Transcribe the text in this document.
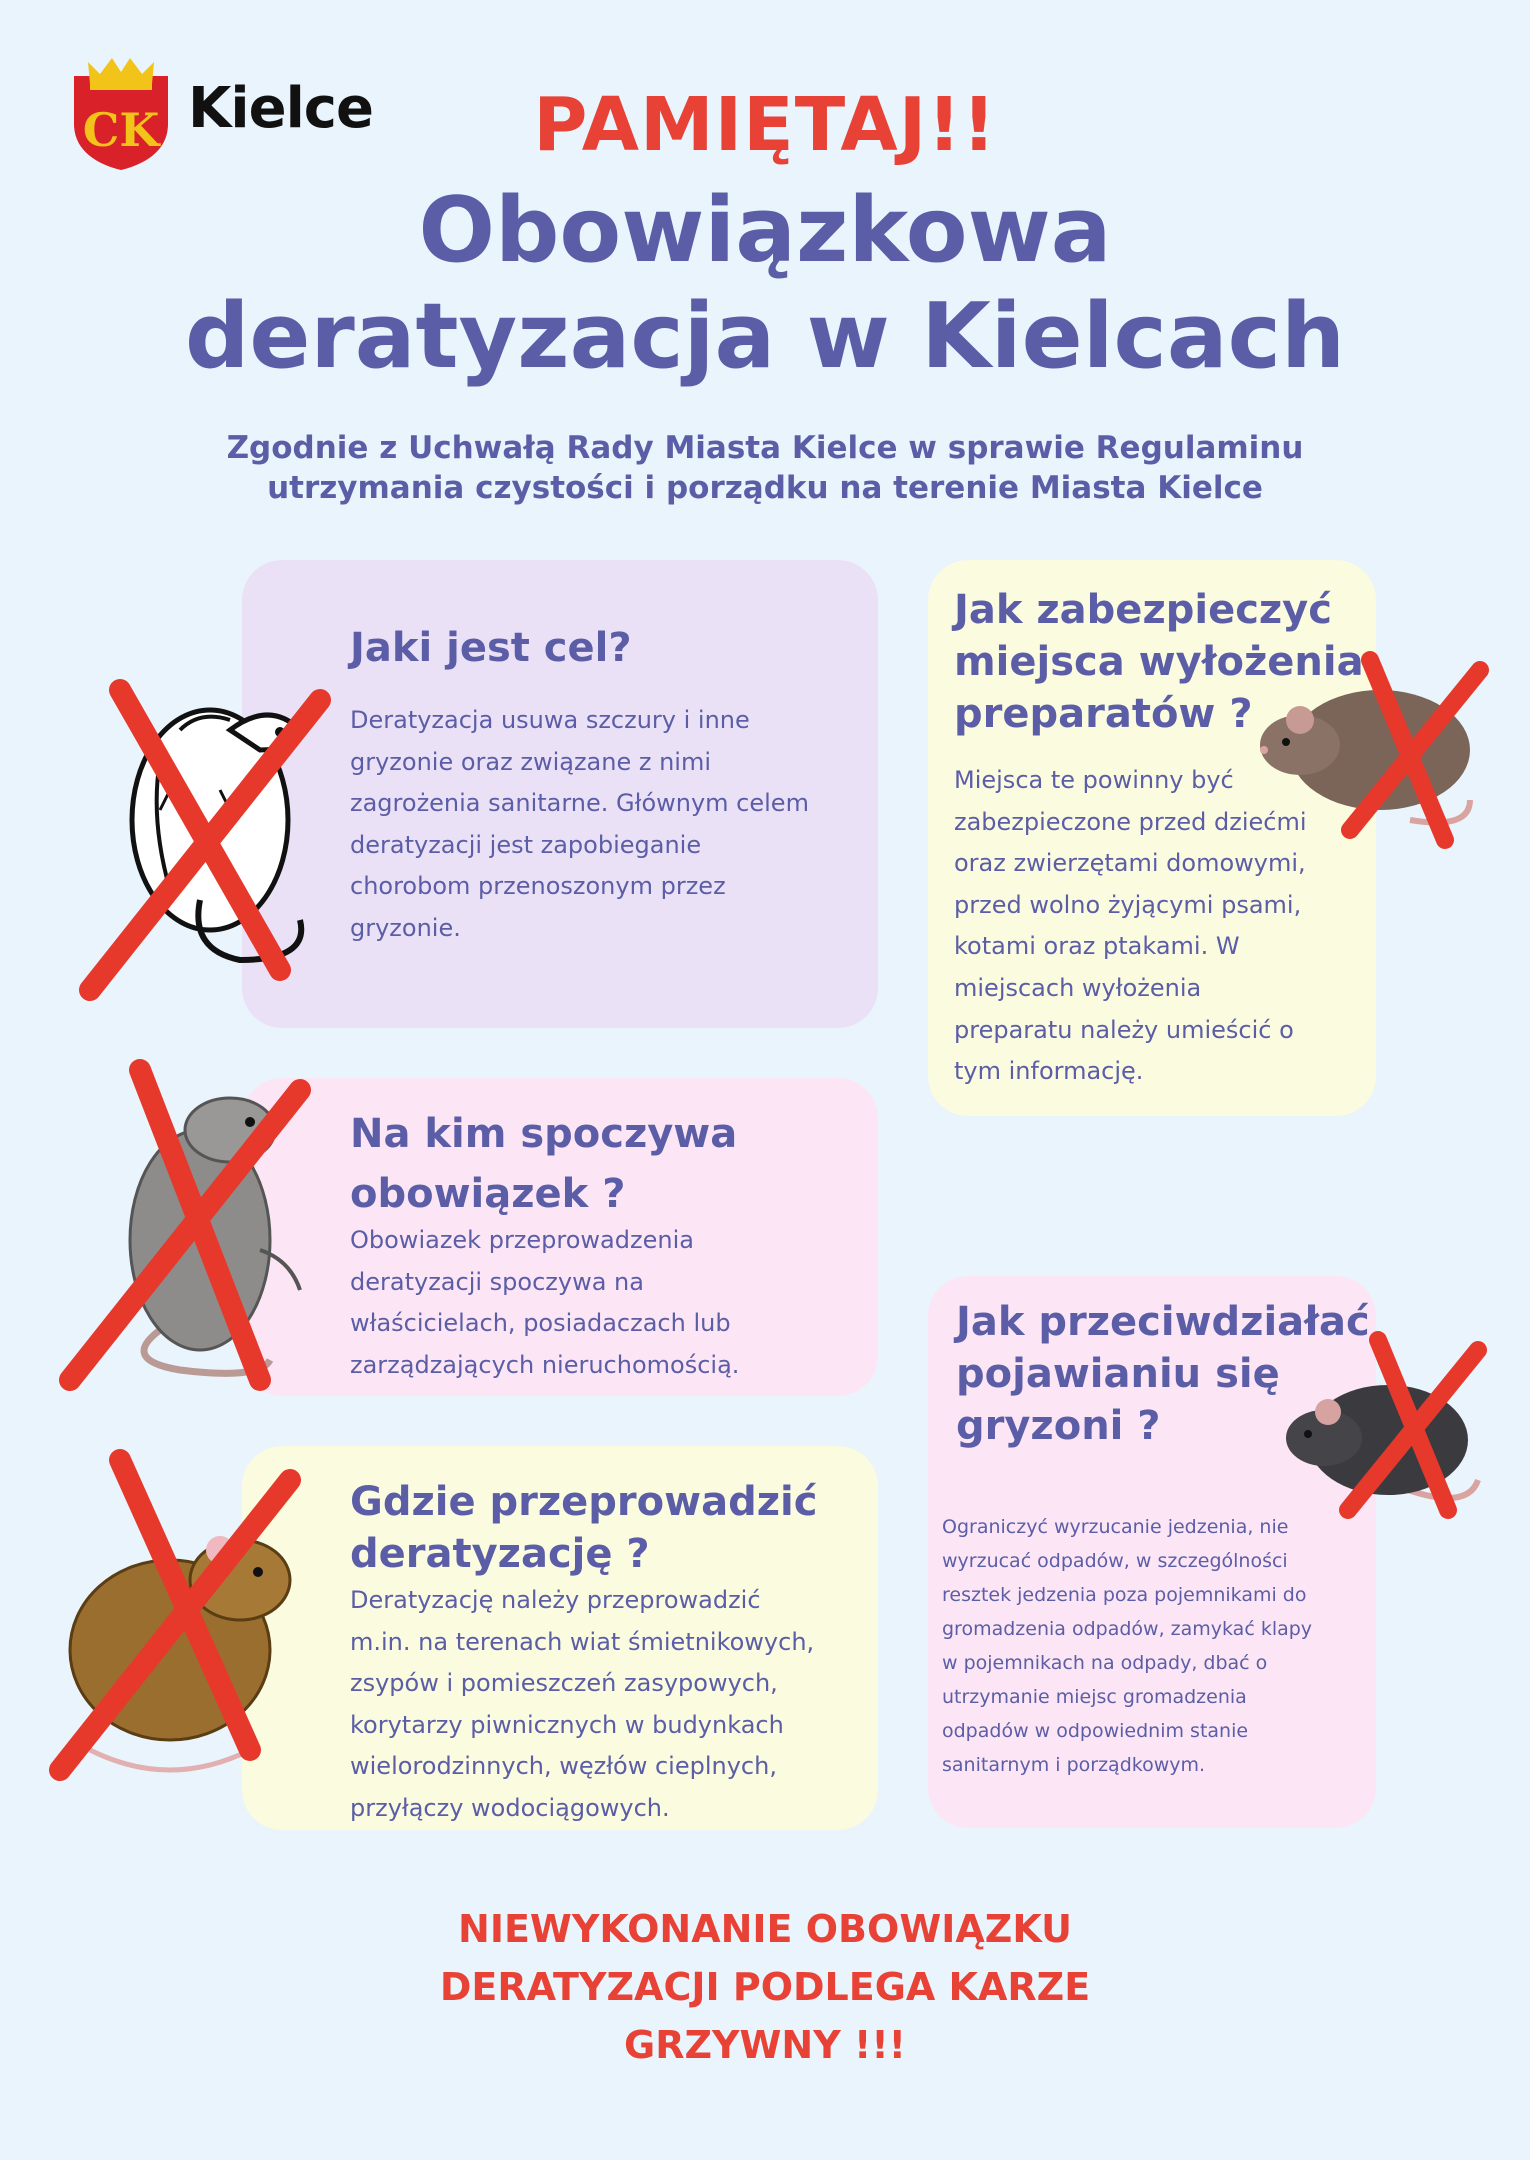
CK Kielce	PAMIĘTAJ!!
Obowiązkowa
deratyzacja w Kielcach
Zgodnie z Uchwałą Rady Miasta Kielce w sprawie Regulaminu
utrzymania czystości i porządku na terenie Miasta Kielce
Jaki jest cel?
Deratyzacja usuwa szczury i inne
gryzonie oraz związane z nimi
zagrożenia sanitarne. Głównym celem
deratyzacji jest zapobieganie
chorobom przenoszonym przez
gryzonie.
Jak zabezpieczyć
miejsca wyłożenia
preparatów ?
Miejsca te powinny być
zabezpieczone przed dziećmi
oraz zwierzętami domowymi,
przed wolno żyjącymi psami,
kotami oraz ptakami. W
miejscach wyłożenia
preparatu należy umieścić o
tym informację.
Na kim spoczywa
obowiązek ?
Obowiazek przeprowadzenia
deratyzacji spoczywa na
właścicielach, posiadaczach lub
zarządzających nieruchomością.
Gdzie przeprowadzić
deratyzację ?
Deratyzację należy przeprowadzić
m.in. na terenach wiat śmietnikowych,
zsypów i pomieszczeń zasypowych,
korytarzy piwnicznych w budynkach
wielorodzinnych, węzłów cieplnych,
przyłączy wodociągowych.
Jak przeciwdziałać
pojawianiu się
gryzoni ?
Ograniczyć wyrzucanie jedzenia, nie
wyrzucać odpadów, w szczególności
resztek jedzenia poza pojemnikami do
gromadzenia odpadów, zamykać klapy
w pojemnikach na odpady, dbać o
utrzymanie miejsc gromadzenia
odpadów w odpowiednim stanie
sanitarnym i porządkowym.
NIEWYKONANIE OBOWIĄZKU
DERATYZACJI PODLEGA KARZE
GRZYWNY !!!
